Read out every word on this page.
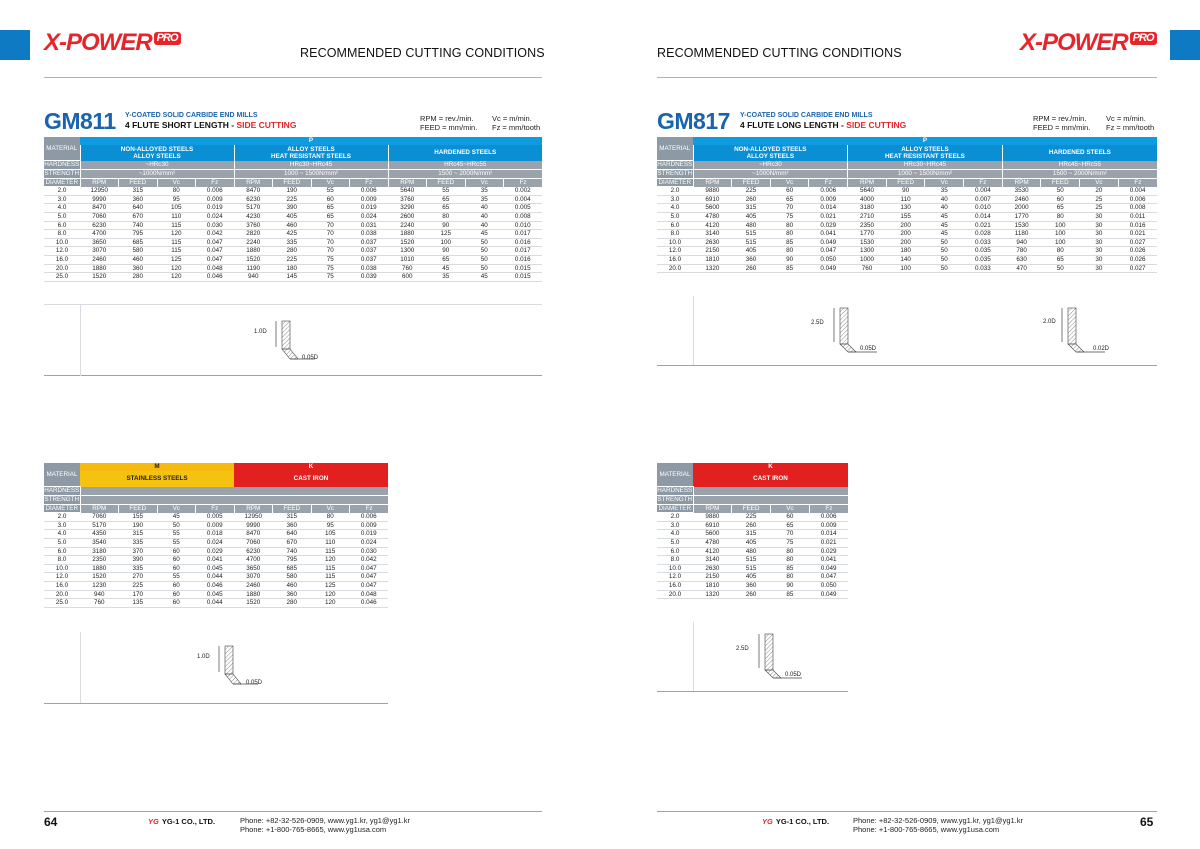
X-POWER PRO
RECOMMENDED CUTTING CONDITIONS
GM811 Y-COATED SOLID CARBIDE END MILLS
4 FLUTE SHORT LENGTH - SIDE CUTTING
RPM = rev./min.
FEED = mm/min.
Vc = m/min.
Fz = mm/tooth
MATERIAL	P											
	NON-ALLOYED STEELS
ALLOY STEELS				ALLOY STEELS
HEAT RESISTANT STEELS				HARDENED STEELS			
HARDNESS	~HRc30				HRc30~HRc45				HRc45~HRc55			
STRENGTH	~1000N/mm²				1000 ~ 1500N/mm²				1500 ~ 2000N/mm²			
DIAMETER	RPM	FEED	Vc	Fz	RPM	FEED	Vc	Fz	RPM	FEED	Vc	Fz
2.0	12950	315	80	0.006	8470	190	55	0.006	5640	55	35	0.002
3.0	9990	360	95	0.009	6230	225	60	0.009	3760	65	35	0.004
4.0	8470	640	105	0.019	5170	390	65	0.019	3290	65	40	0.005
5.0	7060	670	110	0.024	4230	405	65	0.024	2600	80	40	0.008
6.0	6230	740	115	0.030	3760	460	70	0.031	2240	90	40	0.010
8.0	4700	795	120	0.042	2820	425	70	0.038	1880	125	45	0.017
10.0	3650	685	115	0.047	2240	335	70	0.037	1520	100	50	0.016
12.0	3070	580	115	0.047	1880	280	70	0.037	1300	90	50	0.017
16.0	2460	460	125	0.047	1520	225	75	0.037	1010	65	50	0.016
20.0	1880	360	120	0.048	1190	180	75	0.038	760	45	50	0.015
25.0	1520	280	120	0.046	940	145	75	0.039	600	35	45	0.015
1.0D
0.05D
MATERIAL	M				K			
	STAINLESS STEELS				CAST IRON			
HARDNESS								
STRENGTH								
DIAMETER	RPM	FEED	Vc	Fz	RPM	FEED	Vc	Fz
2.0	7060	155	45	0.005	12950	315	80	0.006
3.0	5170	190	50	0.009	9990	360	95	0.009
4.0	4350	315	55	0.018	8470	640	105	0.019
5.0	3540	335	55	0.024	7060	670	110	0.024
6.0	3180	370	60	0.029	6230	740	115	0.030
8.0	2350	390	60	0.041	4700	795	120	0.042
10.0	1880	335	60	0.045	3650	685	115	0.047
12.0	1520	270	55	0.044	3070	580	115	0.047
16.0	1230	225	60	0.046	2460	460	125	0.047
20.0	940	170	60	0.045	1880	360	120	0.048
25.0	760	135	60	0.044	1520	280	120	0.046
1.0D
0.05D
X-POWER PRO
RECOMMENDED CUTTING CONDITIONS
GM817 Y-COATED SOLID CARBIDE END MILLS
4 FLUTE LONG LENGTH - SIDE CUTTING
RPM = rev./min.
FEED = mm/min.
Vc = m/min.
Fz = mm/tooth
MATERIAL	P											
	NON-ALLOYED STEELS
ALLOY STEELS				ALLOY STEELS
HEAT RESISTANT STEELS				HARDENED STEELS			
HARDNESS	~HRc30				HRc30~HRc45				HRc45~HRc55			
STRENGTH	~1000N/mm²				1000 ~ 1500N/mm²				1500 ~ 2000N/mm²			
DIAMETER	RPM	FEED	Vc	Fz	RPM	FEED	Vc	Fz	RPM	FEED	Vc	Fz
2.0	9880	225	60	0.006	5640	90	35	0.004	3530	50	20	0.004
3.0	6910	260	65	0.009	4000	110	40	0.007	2460	60	25	0.006
4.0	5600	315	70	0.014	3180	130	40	0.010	2000	65	25	0.008
5.0	4780	405	75	0.021	2710	155	45	0.014	1770	80	30	0.011
6.0	4120	480	80	0.029	2350	200	45	0.021	1530	100	30	0.016
8.0	3140	515	80	0.041	1770	200	45	0.028	1180	100	30	0.021
10.0	2630	515	85	0.049	1530	200	50	0.033	940	100	30	0.027
12.0	2150	405	80	0.047	1300	180	50	0.035	780	80	30	0.026
16.0	1810	360	90	0.050	1000	140	50	0.035	630	65	30	0.026
20.0	1320	260	85	0.049	760	100	50	0.033	470	50	30	0.027
2.5D
0.05D
2.0D
0.02D
MATERIAL	K			
	CAST IRON			
HARDNESS				
STRENGTH				
DIAMETER	RPM	FEED	Vc	Fz
2.0	9880	225	60	0.006
3.0	6910	260	65	0.009
4.0	5600	315	70	0.014
5.0	4780	405	75	0.021
6.0	4120	480	80	0.029
8.0	3140	515	80	0.041
10.0	2630	515	85	0.049
12.0	2150	405	80	0.047
16.0	1810	360	90	0.050
20.0	1320	260	85	0.049
2.5D
0.05D
64	YG YG-1 CO., LTD.	Phone: +82-32-526-0909, www.yg1.kr, yg1@yg1.kr
Phone: +1-800-765-8665, www.yg1usa.com
YG YG-1 CO., LTD.	Phone: +82-32-526-0909, www.yg1.kr, yg1@yg1.kr
Phone: +1-800-765-8665, www.yg1usa.com
65
